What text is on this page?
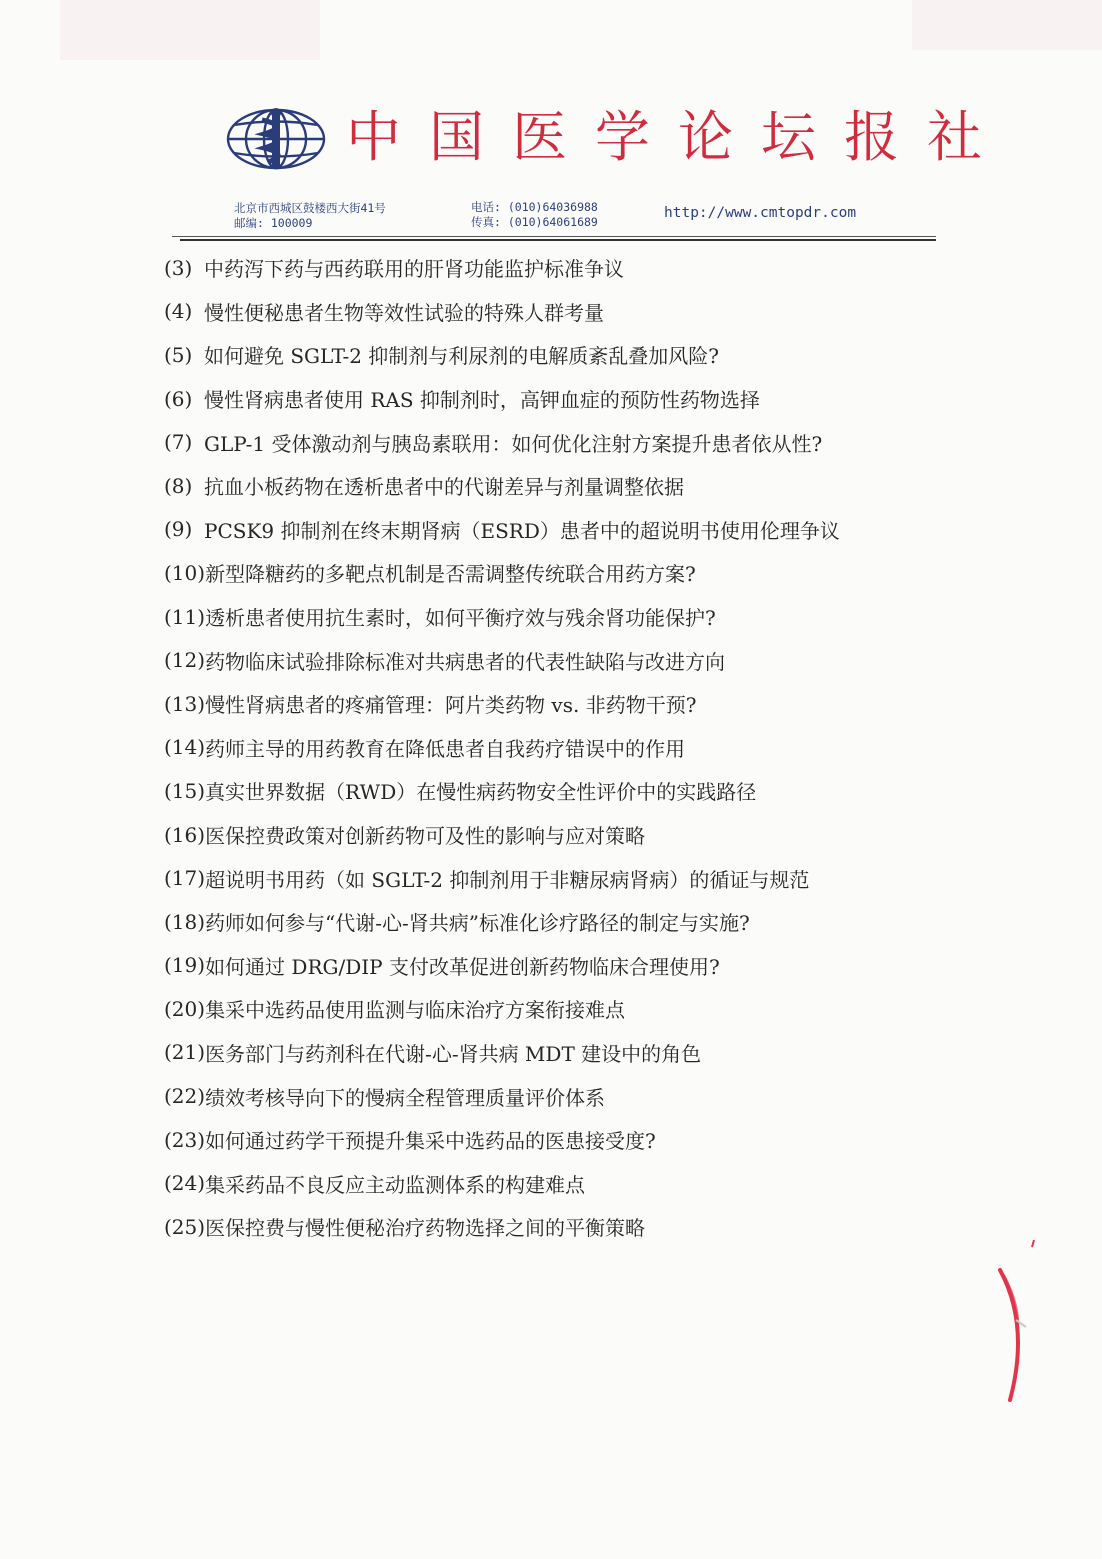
中国医学论坛报社
北京市西城区鼓楼西大街41号
邮编: 100009
电话: (010)64036988
传真: (010)64061689
http://www.cmtopdr.com
(3) 中药泻下药与西药联用的肝肾功能监护标准争议
(4) 慢性便秘患者生物等效性试验的特殊人群考量
(5) 如何避免 SGLT-2 抑制剂与利尿剂的电解质紊乱叠加风险?
(6) 慢性肾病患者使用 RAS 抑制剂时，高钾血症的预防性药物选择
(7) GLP-1 受体激动剂与胰岛素联用：如何优化注射方案提升患者依从性?
(8) 抗血小板药物在透析患者中的代谢差异与剂量调整依据
(9) PCSK9 抑制剂在终末期肾病（ESRD）患者中的超说明书使用伦理争议
(10) 新型降糖药的多靶点机制是否需调整传统联合用药方案?
(11) 透析患者使用抗生素时，如何平衡疗效与残余肾功能保护?
(12) 药物临床试验排除标准对共病患者的代表性缺陷与改进方向
(13) 慢性肾病患者的疼痛管理：阿片类药物 vs. 非药物干预?
(14) 药师主导的用药教育在降低患者自我药疗错误中的作用
(15) 真实世界数据（RWD）在慢性病药物安全性评价中的实践路径
(16) 医保控费政策对创新药物可及性的影响与应对策略
(17) 超说明书用药（如 SGLT-2 抑制剂用于非糖尿病肾病）的循证与规范
(18) 药师如何参与“代谢-心-肾共病”标准化诊疗路径的制定与实施?
(19) 如何通过 DRG/DIP 支付改革促进创新药物临床合理使用?
(20) 集采中选药品使用监测与临床治疗方案衔接难点
(21) 医务部门与药剂科在代谢-心-肾共病 MDT 建设中的角色
(22) 绩效考核导向下的慢病全程管理质量评价体系
(23) 如何通过药学干预提升集采中选药品的医患接受度?
(24) 集采药品不良反应主动监测体系的构建难点
(25) 医保控费与慢性便秘治疗药物选择之间的平衡策略
